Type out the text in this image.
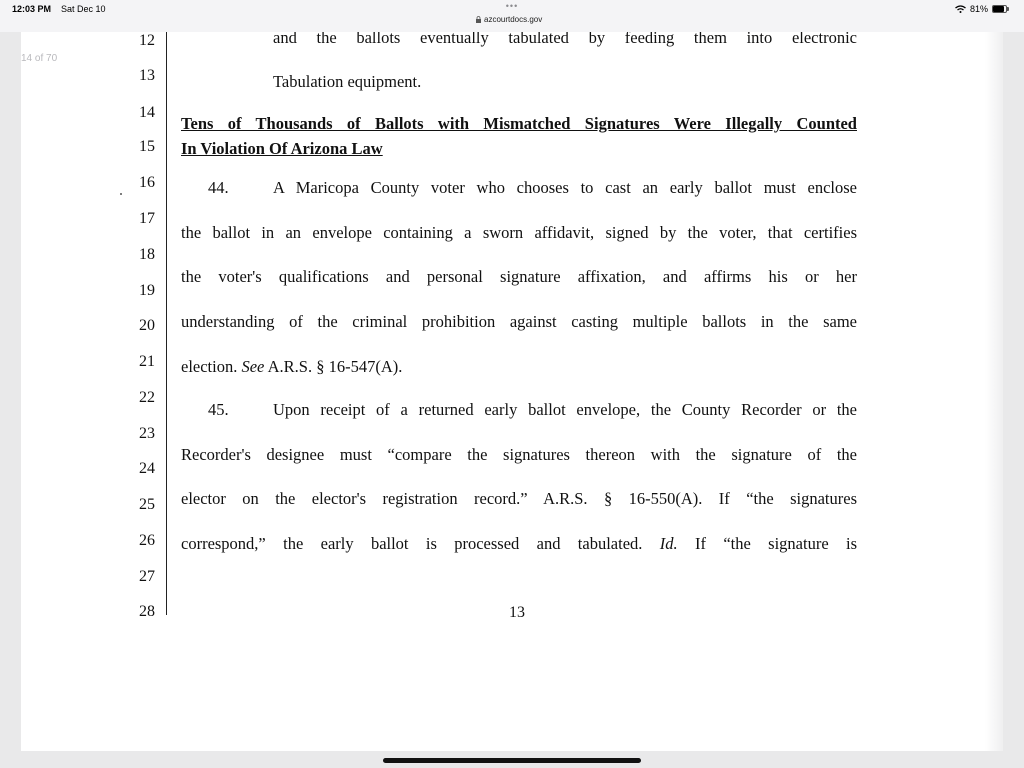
12:03 PM Sat Dec 10	•••
azcourtdocs.gov
81%
12
13
14
15
16
17
18
19
20
21
22
23
24
25
26
27
28
and the ballots eventually tabulated by feeding them into electronic
Tabulation equipment.
Tens of Thousands of Ballots with Mismatched Signatures Were Illegally Counted
In Violation Of Arizona Law
44.	A Maricopa County voter who chooses to cast an early ballot must enclose
the ballot in an envelope containing a sworn affidavit, signed by the voter, that certifies
the voter's qualifications and personal signature affixation, and affirms his or her
understanding of the criminal prohibition against casting multiple ballots in the same
election. See A.R.S. § 16-547(A).
45.	Upon receipt of a returned early ballot envelope, the County Recorder or the
Recorder's designee must “compare the signatures thereon with the signature of the
elector on the elector's registration record.” A.R.S. § 16-550(A). If “the signatures
correspond,” the early ballot is processed and tabulated. Id. If “the signature is
13
14 of 70
